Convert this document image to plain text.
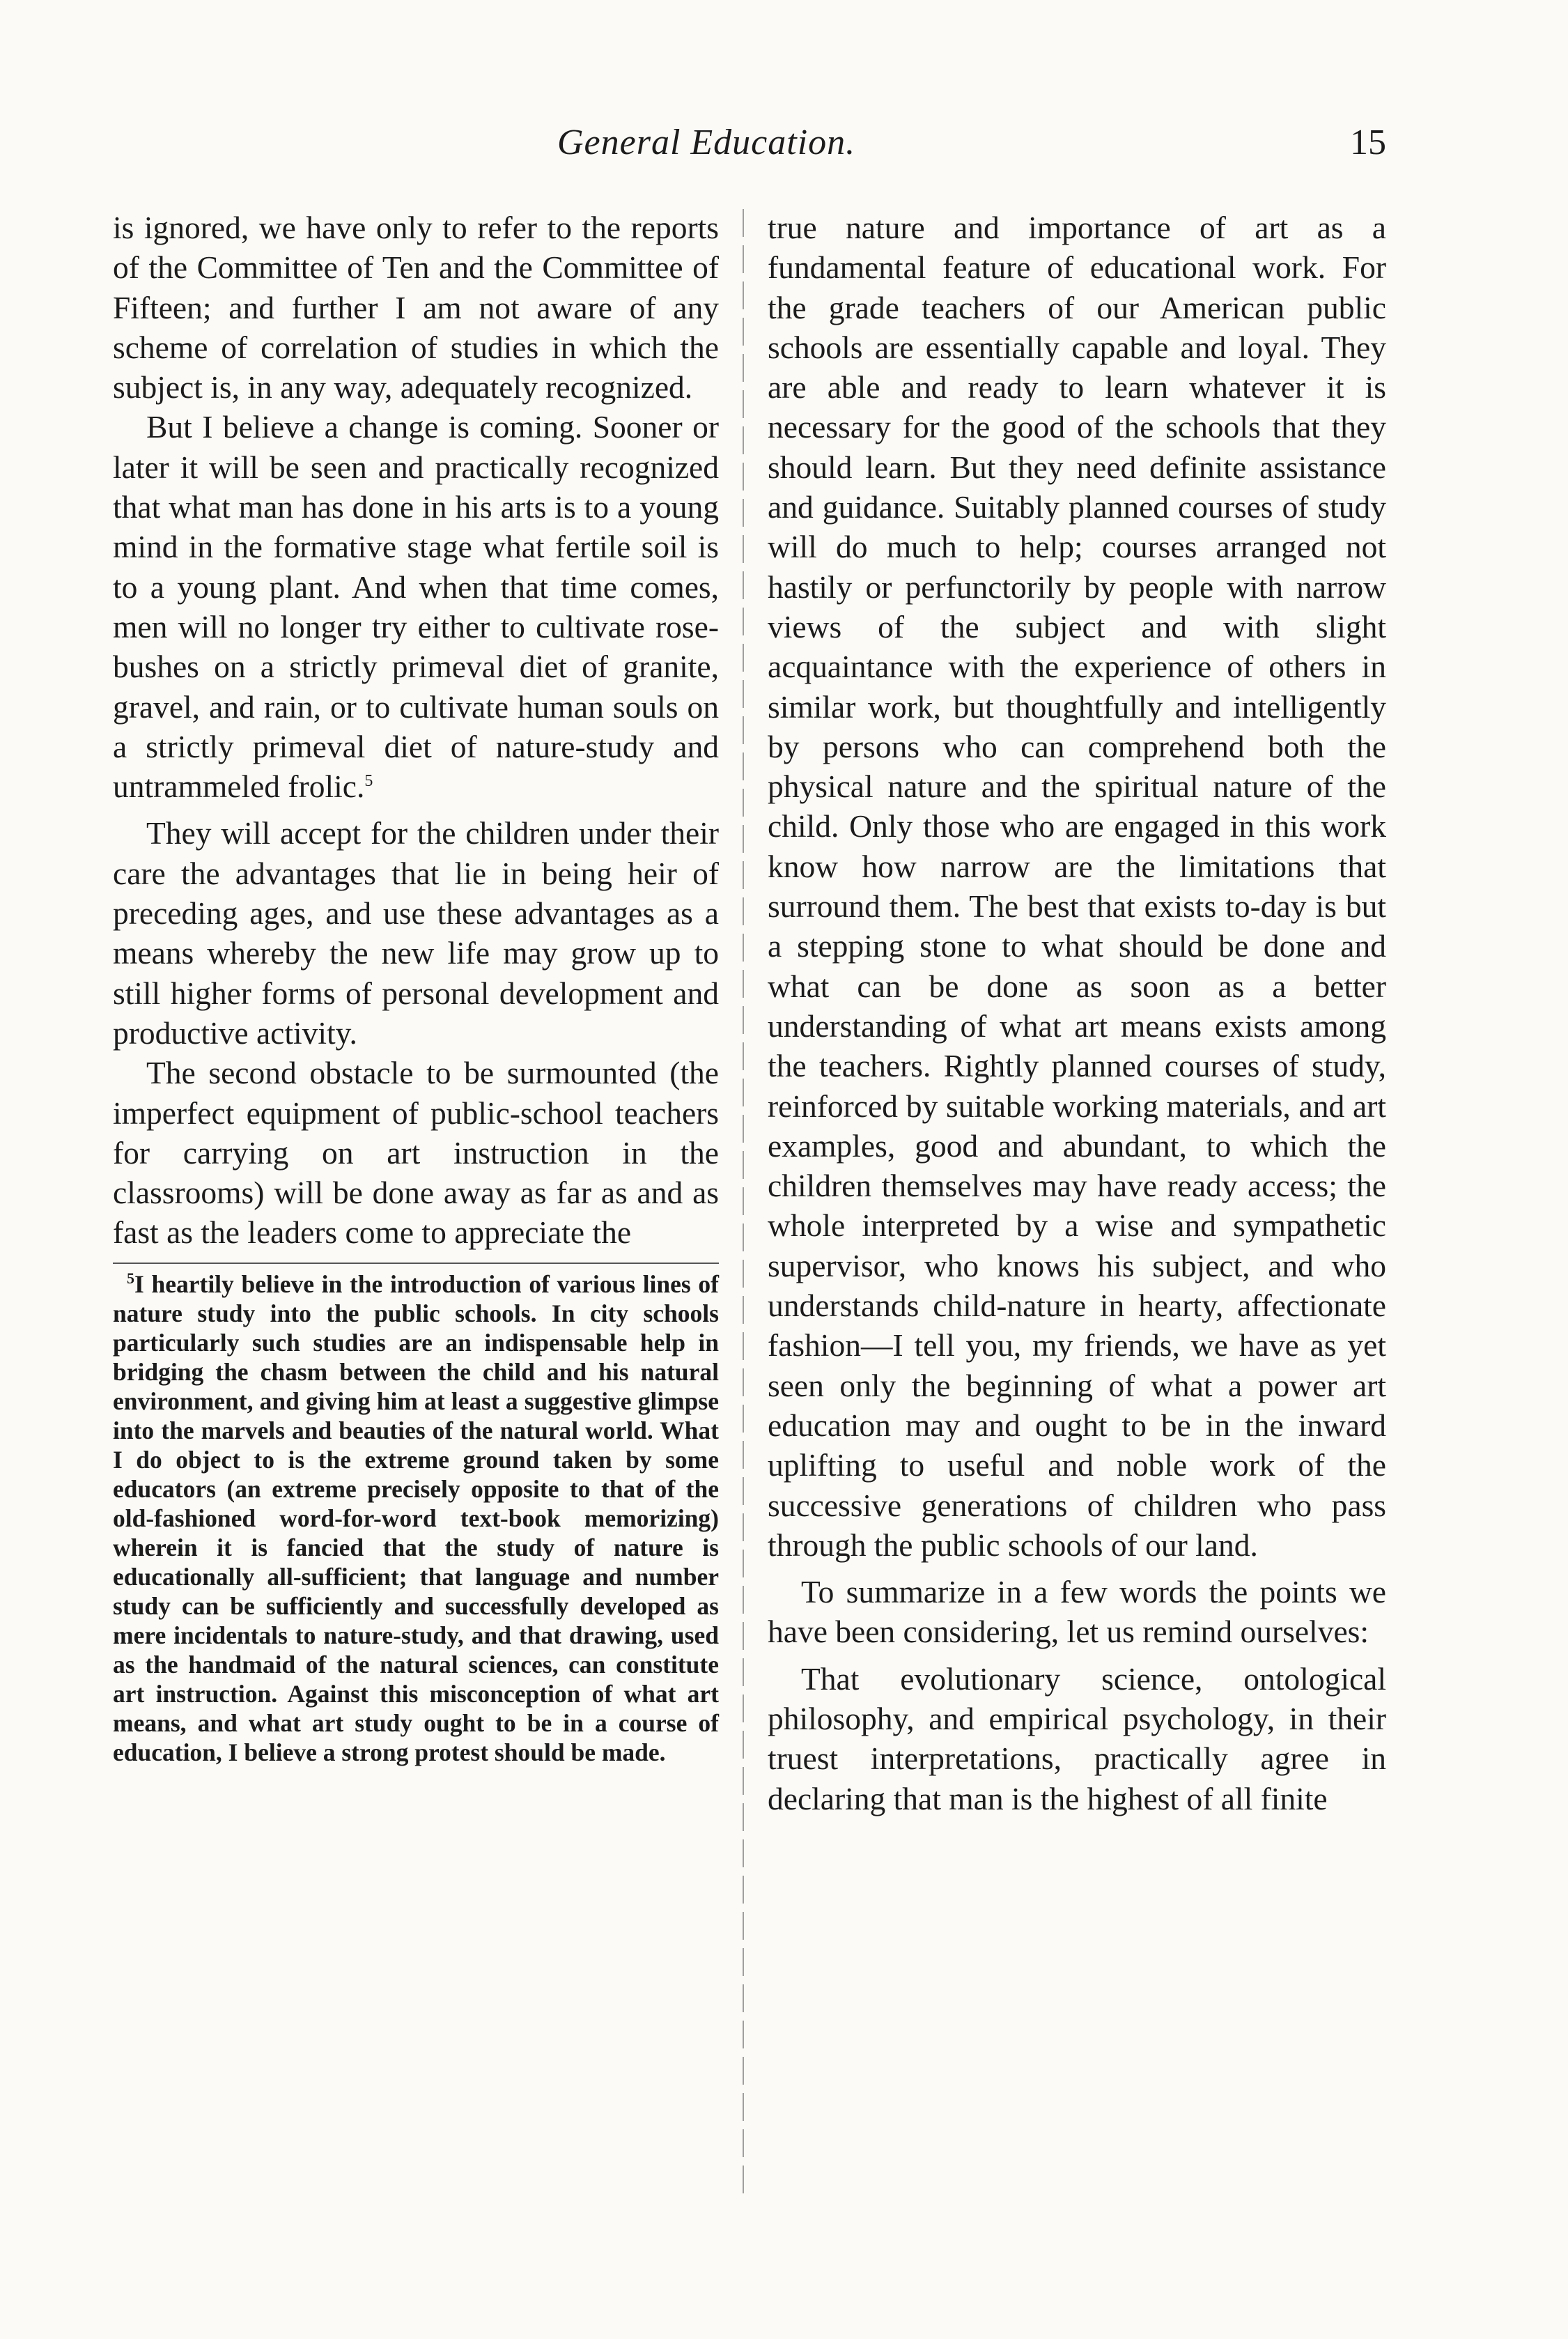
General Education.	15

is ignored, we have only to refer to the reports of the Committee of Ten and the Committee of Fifteen; and further I am not aware of any scheme of correlation of studies in which the subject is, in any way, adequately recognized.

But I believe a change is coming. Sooner or later it will be seen and practically recognized that what man has done in his arts is to a young mind in the formative stage what fertile soil is to a young plant. And when that time comes, men will no longer try either to cultivate rose-bushes on a strictly primeval diet of granite, gravel, and rain, or to cultivate human souls on a strictly primeval diet of nature-study and untrammeled frolic.$^5$

They will accept for the children under their care the advantages that lie in being heir of preceding ages, and use these advantages as a means whereby the new life may grow up to still higher forms of personal development and productive activity.

The second obstacle to be surmounted (the imperfect equipment of public-school teachers for carrying on art instruction in the classrooms) will be done away as far as and as fast as the leaders come to appreciate the

$^5$I heartily believe in the introduction of various lines of nature study into the public schools. In city schools particularly such studies are an indispensable help in bridging the chasm between the child and his natural environment, and giving him at least a suggestive glimpse into the marvels and beauties of the natural world. What I do object to is the extreme ground taken by some educators (an extreme precisely opposite to that of the old-fashioned word-for-word text-book memorizing) wherein it is fancied that the study of nature is educationally all-sufficient; that language and number study can be sufficiently and successfully developed as mere incidentals to nature-study, and that drawing, used as the handmaid of the natural sciences, can constitute art instruction. Against this misconception of what art means, and what art study ought to be in a course of education, I believe a strong protest should be made.

true nature and importance of art as a fundamental feature of educational work. For the grade teachers of our American public schools are essentially capable and loyal. They are able and ready to learn whatever it is necessary for the good of the schools that they should learn. But they need definite assistance and guidance. Suitably planned courses of study will do much to help; courses arranged not hastily or perfunctorily by people with narrow views of the subject and with slight acquaintance with the experience of others in similar work, but thoughtfully and intelligently by persons who can comprehend both the physical nature and the spiritual nature of the child. Only those who are engaged in this work know how narrow are the limitations that surround them. The best that exists to-day is but a stepping stone to what should be done and what can be done as soon as a better understanding of what art means exists among the teachers. Rightly planned courses of study, reinforced by suitable working materials, and art examples, good and abundant, to which the children themselves may have ready access; the whole interpreted by a wise and sympathetic supervisor, who knows his subject, and who understands child-nature in hearty, affectionate fashion—I tell you, my friends, we have as yet seen only the beginning of what a power art education may and ought to be in the inward uplifting to useful and noble work of the successive generations of children who pass through the public schools of our land.

To summarize in a few words the points we have been considering, let us remind ourselves:

That evolutionary science, ontological philosophy, and empirical psychology, in their truest interpretations, practically agree in declaring that man is the highest of all finite
